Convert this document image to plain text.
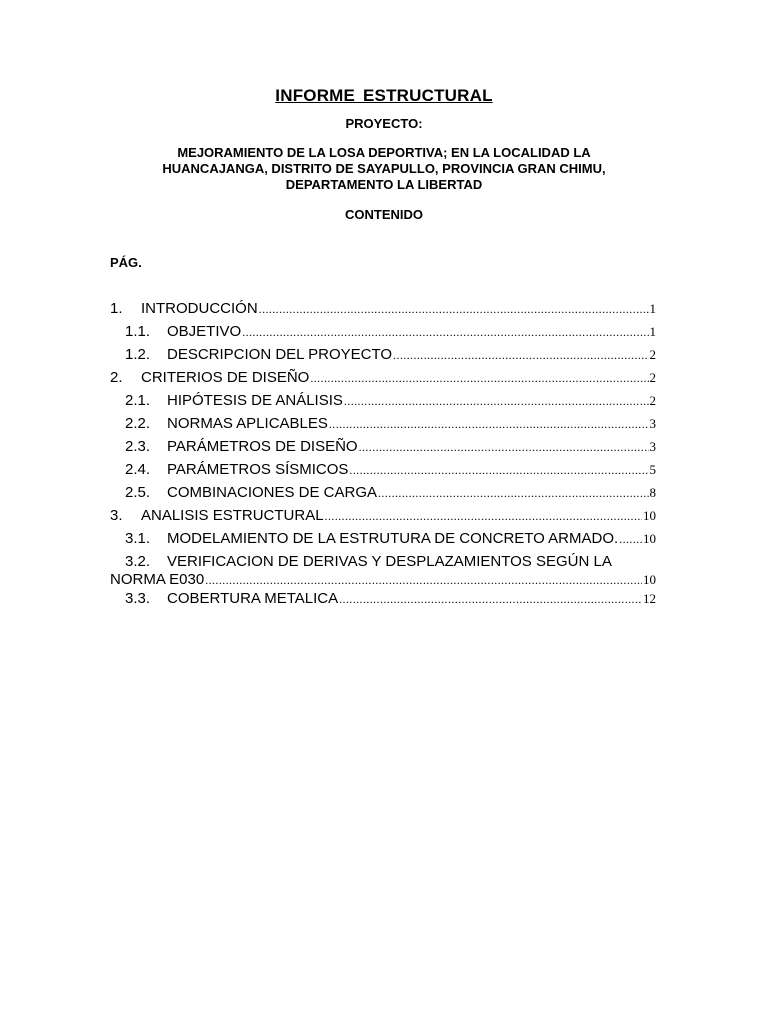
INFORME ESTRUCTURAL
PROYECTO:
MEJORAMIENTO DE LA LOSA DEPORTIVA; EN LA LOCALIDAD LA
HUANCAJANGA, DISTRITO DE SAYAPULLO, PROVINCIA GRAN CHIMU,
DEPARTAMENTO LA LIBERTAD
CONTENIDO
PÁG.
1.	INTRODUCCIÓN .....	1
1.1.	OBJETIVO .....	1
1.2.	DESCRIPCION DEL PROYECTO .....	2
2.	CRITERIOS DE DISEÑO .....	2
2.1.	HIPÓTESIS DE ANÁLISIS .....	2
2.2.	NORMAS APLICABLES .....	3
2.3.	PARÁMETROS DE DISEÑO .....	3
2.4.	PARÁMETROS SÍSMICOS .....	5
2.5.	COMBINACIONES DE CARGA .....	8
3.	ANALISIS ESTRUCTURAL .....	10
3.1.	MODELAMIENTO DE LA ESTRUTURA DE CONCRETO ARMADO. ..... 10
3.2.	VERIFICACION DE DERIVAS Y DESPLAZAMIENTOS SEGÚN LA
NORMA E030 .....	10
3.3.	COBERTURA METALICA .....	12
